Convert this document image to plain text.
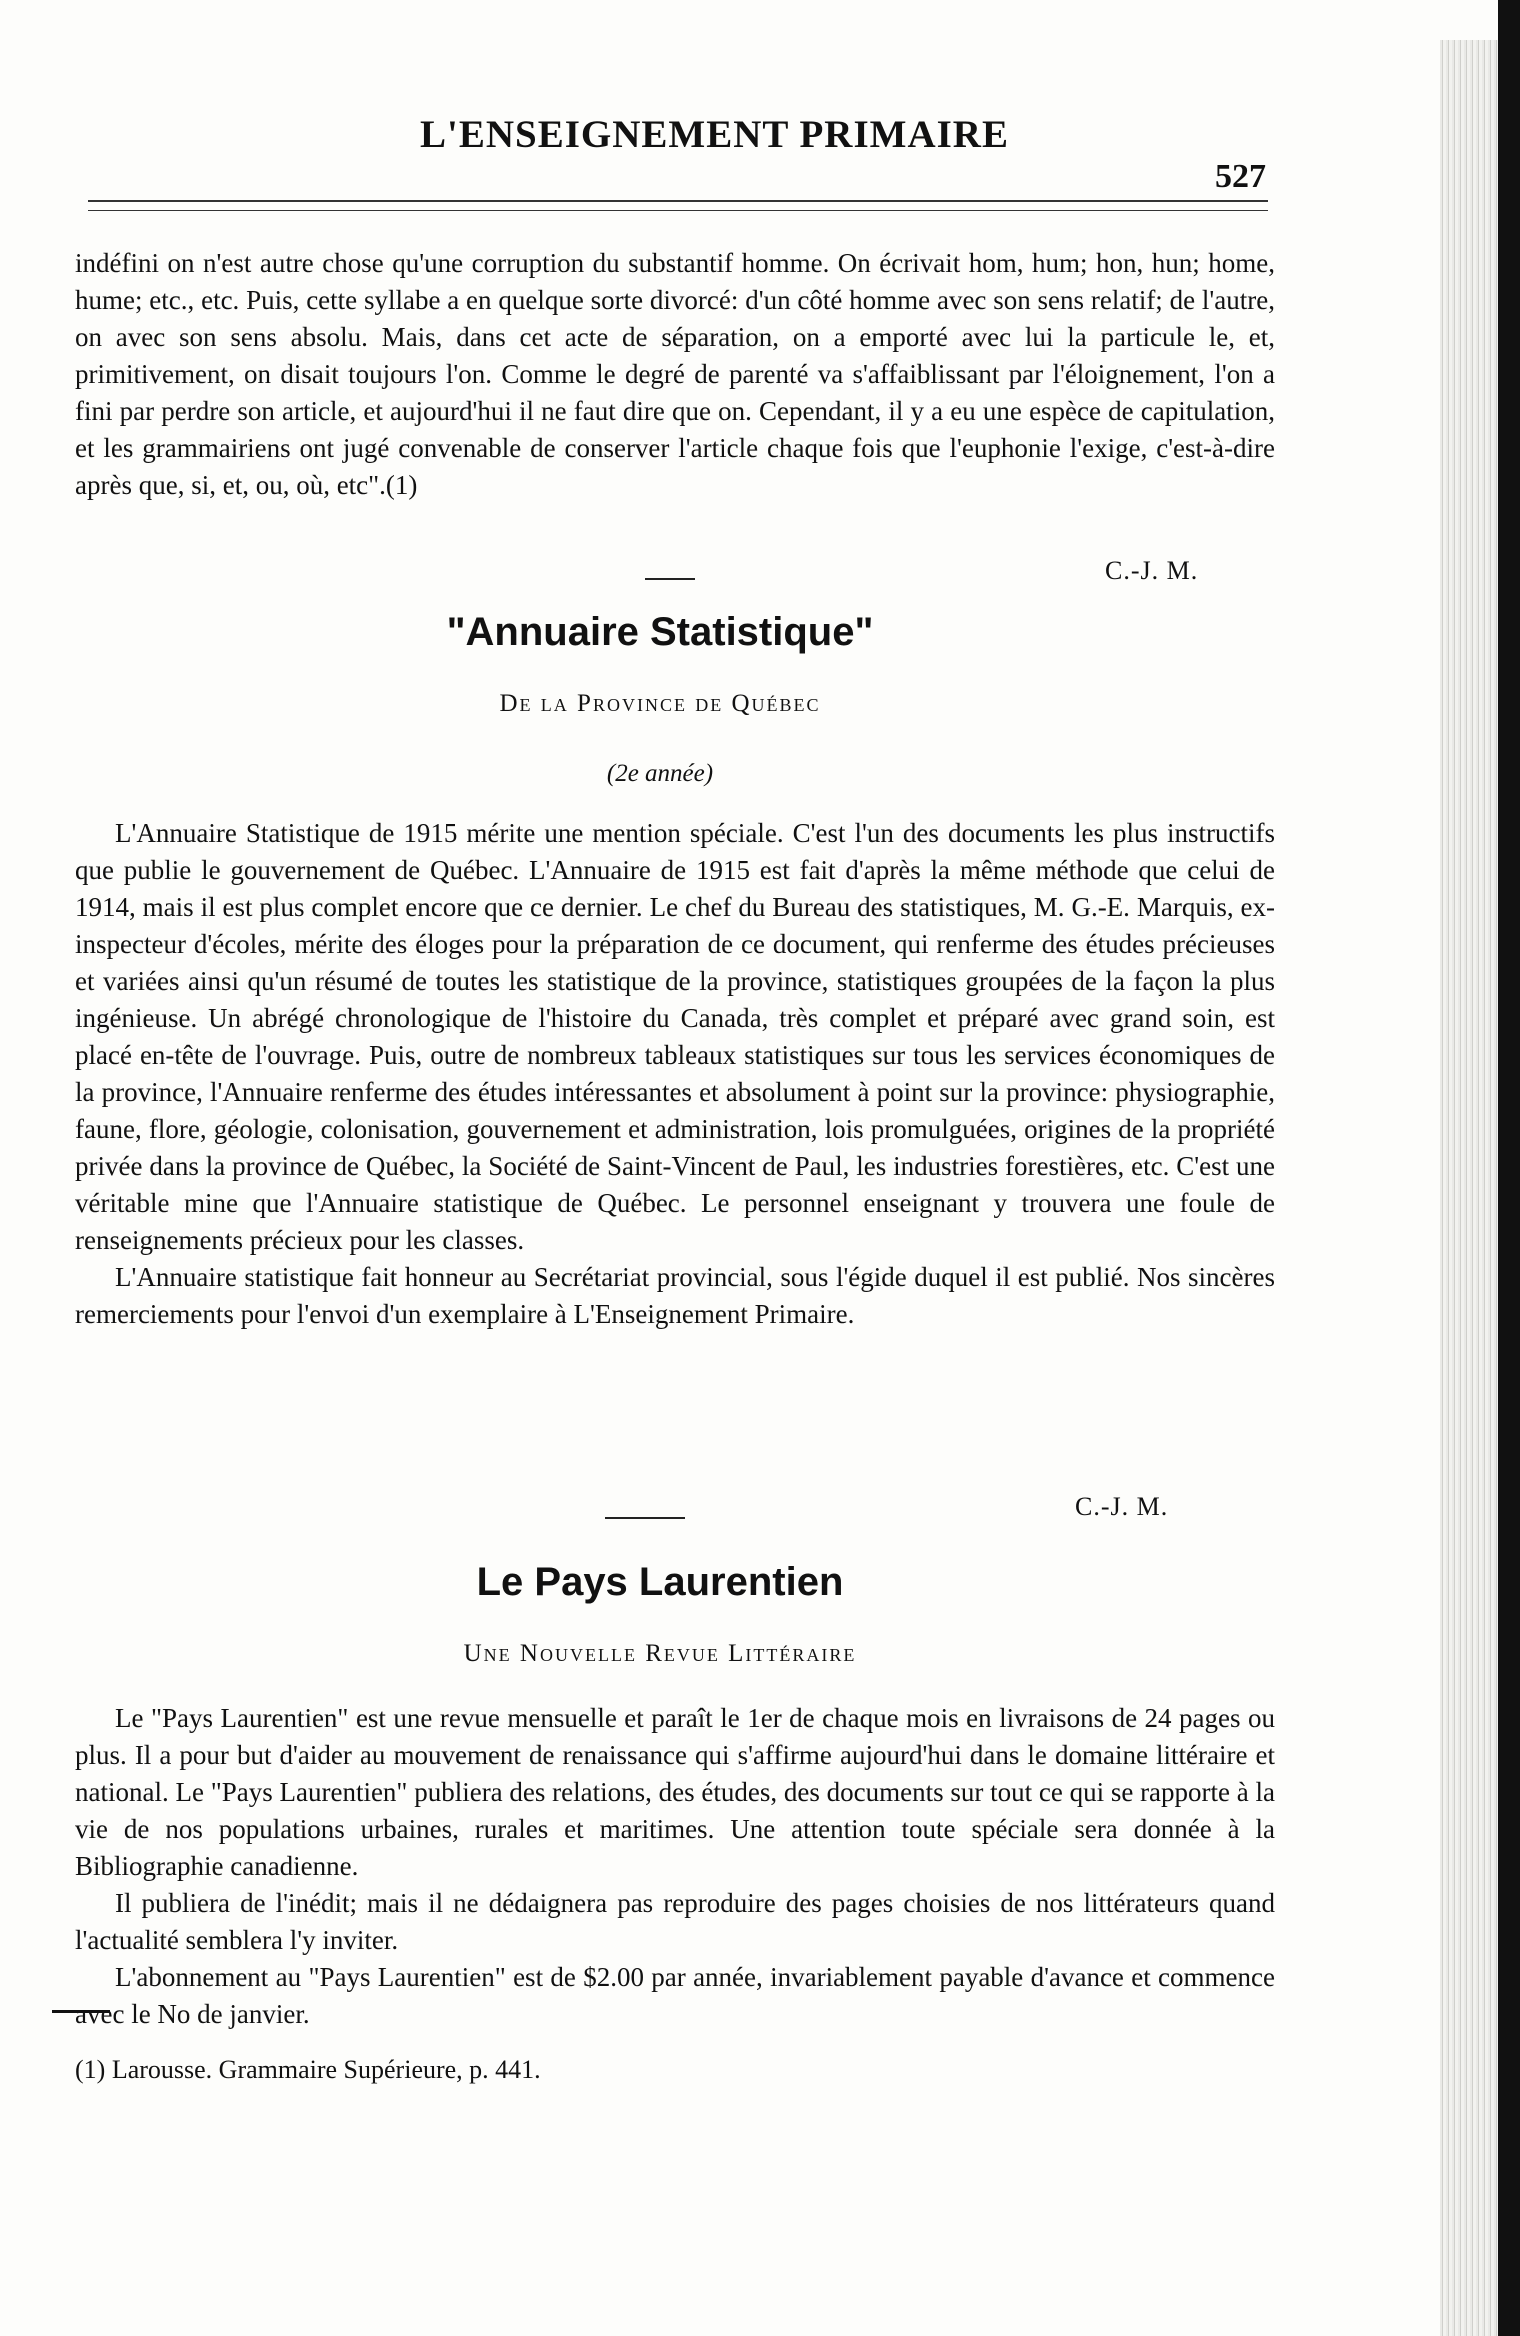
L'ENSEIGNEMENT PRIMAIRE
527

indéfini on n'est autre chose qu'une corruption du substantif homme. On écrivait hom, hum; hon, hun; home, hume; etc., etc. Puis, cette syllabe a en quelque sorte divorcé: d'un côté homme avec son sens relatif; de l'autre, on avec son sens absolu. Mais, dans cet acte de séparation, on a emporté avec lui la particule le, et, primitivement, on disait toujours l'on. Comme le degré de parenté va s'affaiblissant par l'éloignement, l'on a fini par perdre son article, et aujourd'hui il ne faut dire que on. Cependant, il y a eu une espèce de capitulation, et les grammairiens ont jugé convenable de conserver l'article chaque fois que l'euphonie l'exige, c'est-à-dire après que, si, et, ou, où, etc".(1)

C.-J. M.
"Annuaire Statistique"
De la Province de Québec
(2e année)

L'Annuaire Statistique de 1915 mérite une mention spéciale. C'est l'un des documents les plus instructifs que publie le gouvernement de Québec. L'Annuaire de 1915 est fait d'après la même méthode que celui de 1914, mais il est plus complet encore que ce dernier. Le chef du Bureau des statistiques, M. G.-E. Marquis, ex-inspecteur d'écoles, mérite des éloges pour la préparation de ce document, qui renferme des études précieuses et variées ainsi qu'un résumé de toutes les statistique de la province, statistiques groupées de la façon la plus ingénieuse. Un abrégé chronologique de l'histoire du Canada, très complet et préparé avec grand soin, est placé en-tête de l'ouvrage. Puis, outre de nombreux tableaux statistiques sur tous les services économiques de la province, l'Annuaire renferme des études intéressantes et absolument à point sur la province: physiographie, faune, flore, géologie, colonisation, gouvernement et administration, lois promulguées, origines de la propriété privée dans la province de Québec, la Société de Saint-Vincent de Paul, les industries forestières, etc. C'est une véritable mine que l'Annuaire statistique de Québec. Le personnel enseignant y trouvera une foule de renseignements précieux pour les classes.

L'Annuaire statistique fait honneur au Secrétariat provincial, sous l'égide duquel il est publié. Nos sincères remerciements pour l'envoi d'un exemplaire à L'Enseignement Primaire.

C.-J. M.
Le Pays Laurentien
Une Nouvelle Revue Littéraire

Le "Pays Laurentien" est une revue mensuelle et paraît le 1er de chaque mois en livraisons de 24 pages ou plus. Il a pour but d'aider au mouvement de renaissance qui s'affirme aujourd'hui dans le domaine littéraire et national. Le "Pays Laurentien" publiera des relations, des études, des documents sur tout ce qui se rapporte à la vie de nos populations urbaines, rurales et maritimes. Une attention toute spéciale sera donnée à la Bibliographie canadienne.

Il publiera de l'inédit; mais il ne dédaignera pas reproduire des pages choisies de nos littérateurs quand l'actualité semblera l'y inviter.

L'abonnement au "Pays Laurentien" est de $2.00 par année, invariablement payable d'avance et commence avec le No de janvier.

(1) Larousse. Grammaire Supérieure, p. 441.
